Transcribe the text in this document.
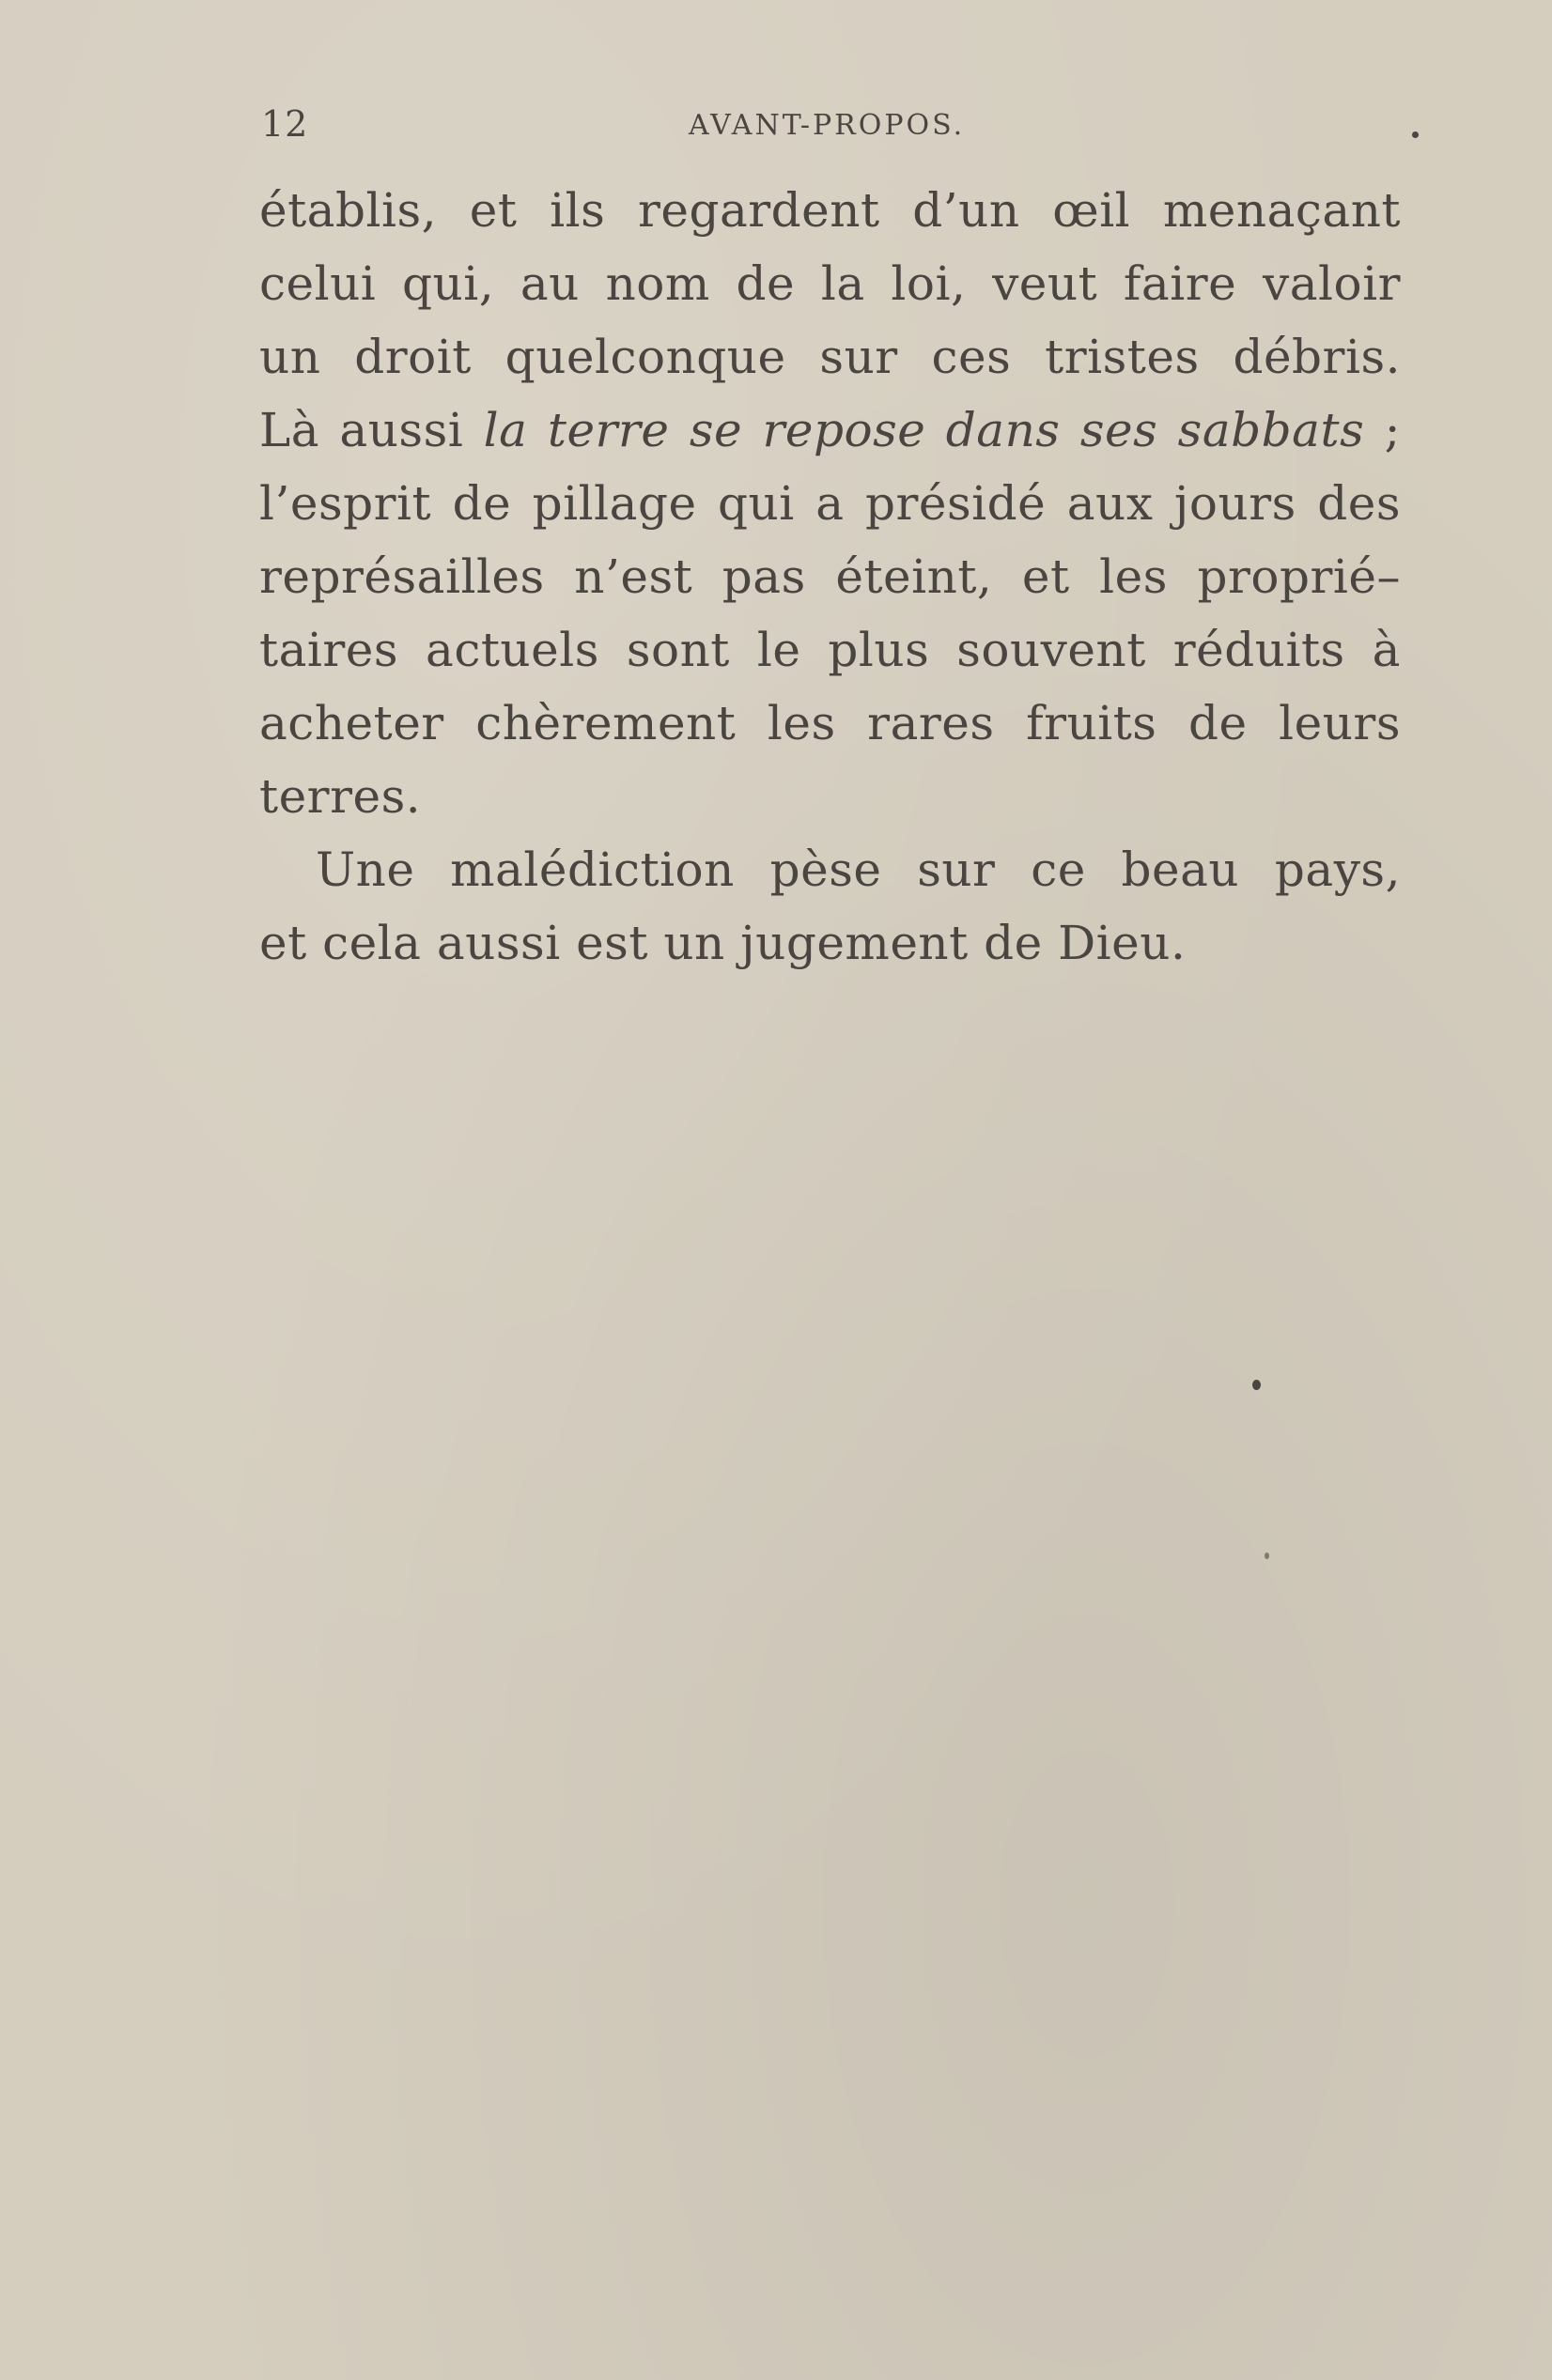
12	AVANT-PROPOS.
établis, et ils regardent d’un œil menaçant
celui qui, au nom de la loi, veut faire valoir
un droit quelconque sur ces tristes débris.
Là aussi la terre se repose dans ses sabbats ;
l’esprit de pillage qui a présidé aux jours des
représailles n’est pas éteint, et les proprié–
taires actuels sont le plus souvent réduits à
acheter chèrement les rares fruits de leurs
terres.
Une malédiction pèse sur ce beau pays,
et cela aussi est un jugement de Dieu.
